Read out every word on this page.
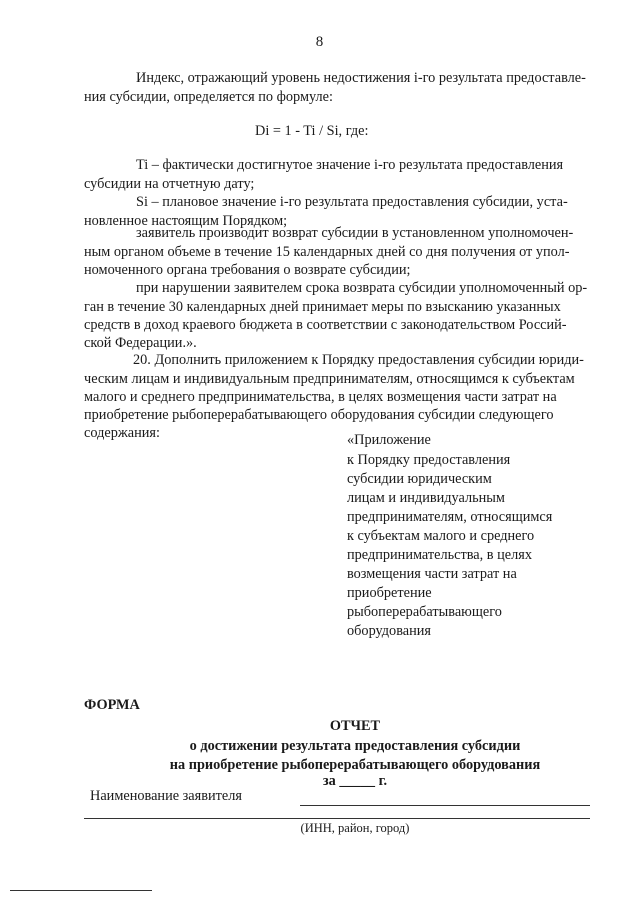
8
Индекс, отражающий уровень недостижения i-го результата предоставле-
ния субсидии, определяется по формуле:
Di = 1 - Ti / Si, где:
Ti – фактически достигнутое значение i-го результата предоставления
субсидии на отчетную дату;
Si – плановое значение i-го результата предоставления субсидии, уста-
новленное настоящим Порядком;
заявитель производит возврат субсидии в установленном уполномочен-
ным органом объеме в течение 15 календарных дней со дня получения от упол-
номоченного органа требования о возврате субсидии;
при нарушении заявителем срока возврата субсидии уполномоченный ор-
ган в течение 30 календарных дней принимает меры по взысканию указанных
средств в доход краевого бюджета в соответствии с законодательством Россий-
ской Федерации.».
20. Дополнить приложением к Порядку предоставления субсидии юриди-
ческим лицам и индивидуальным предпринимателям, относящимся к субъектам
малого и среднего предпринимательства, в целях возмещения части затрат на
приобретение рыбоперерабатывающего оборудования субсидии следующего
содержания:	«Приложение
к Порядку предоставления
субсидии юридическим
лицам и индивидуальным
предпринимателям, относящимся
к субъектам малого и среднего
предпринимательства, в целях
возмещения части затрат на
приобретение
рыбоперерабатывающего
оборудования
ФОРМА
ОТЧЕТ
о достижении результата предоставления субсидии
на приобретение рыбоперерабатывающего оборудования
за _____ г.
Наименование заявителя
(ИНН, район, город)
